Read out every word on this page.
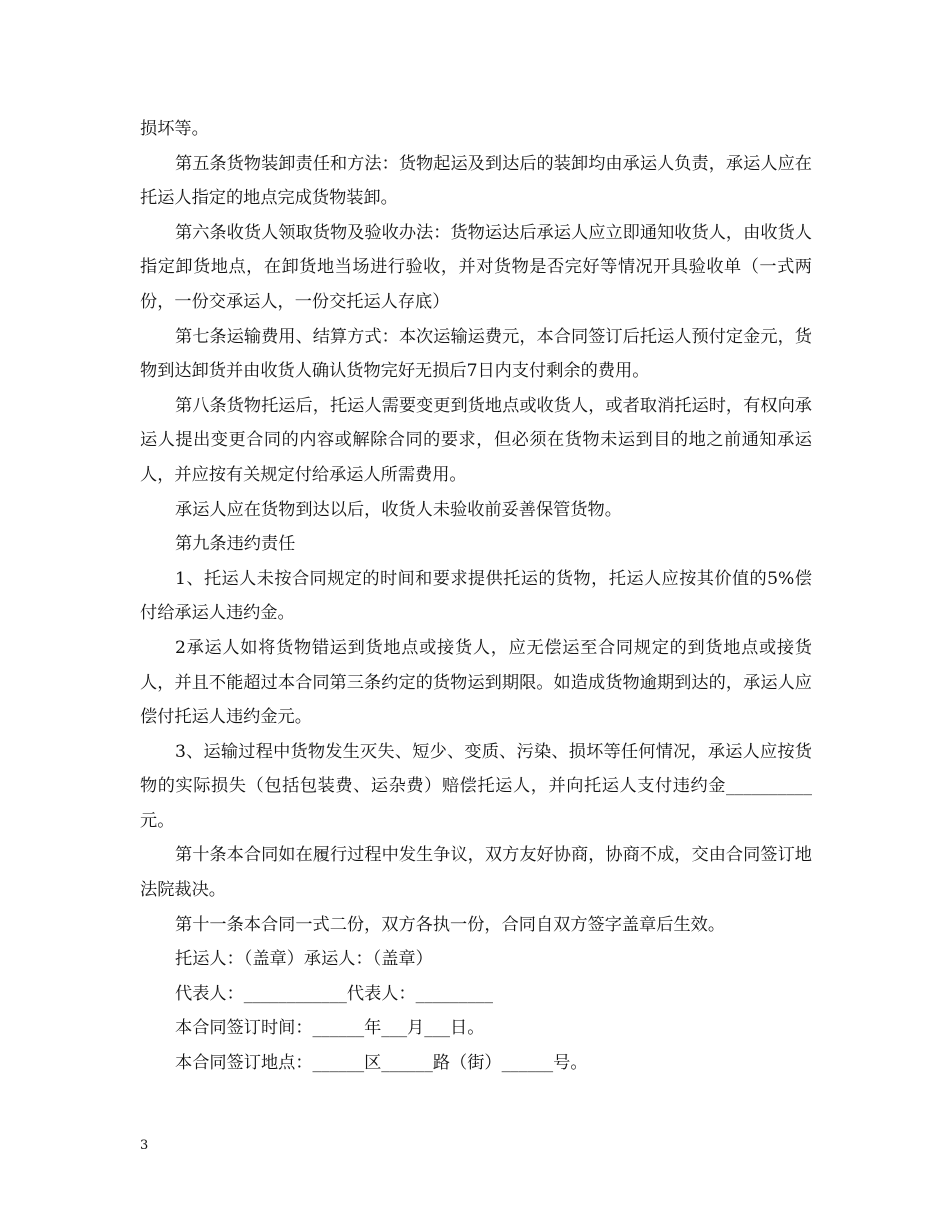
损坏等。

第五条货物装卸责任和方法：货物起运及到达后的装卸均由承运人负责，承运人应在托运人指定的地点完成货物装卸。

第六条收货人领取货物及验收办法：货物运达后承运人应立即通知收货人，由收货人指定卸货地点，在卸货地当场进行验收，并对货物是否完好等情况开具验收单（一式两份，一份交承运人，一份交托运人存底）

第七条运输费用、结算方式：本次运输运费元，本合同签订后托运人预付定金元，货物到达卸货并由收货人确认货物完好无损后7日内支付剩余的费用。

第八条货物托运后，托运人需要变更到货地点或收货人，或者取消托运时，有权向承运人提出变更合同的内容或解除合同的要求，但必须在货物未运到目的地之前通知承运人，并应按有关规定付给承运人所需费用。

承运人应在货物到达以后，收货人未验收前妥善保管货物。

第九条违约责任

1、托运人未按合同规定的时间和要求提供托运的货物，托运人应按其价值的5%偿付给承运人违约金。

2承运人如将货物错运到货地点或接货人，应无偿运至合同规定的到货地点或接货人，并且不能超过本合同第三条约定的货物运到期限。如造成货物逾期到达的，承运人应偿付托运人违约金元。

3、运输过程中货物发生灭失、短少、变质、污染、损坏等任何情况，承运人应按货物的实际损失（包括包装费、运杂费）赔偿托运人，并向托运人支付违约金__________元。

第十条本合同如在履行过程中发生争议，双方友好协商，协商不成，交由合同签订地法院裁决。

第十一条本合同一式二份，双方各执一份，合同自双方签字盖章后生效。

托运人：（盖章）承运人：（盖章）

代表人：____________代表人：_________

本合同签订时间：______年___月___日。

本合同签订地点：______区______路（街）______号。

3
